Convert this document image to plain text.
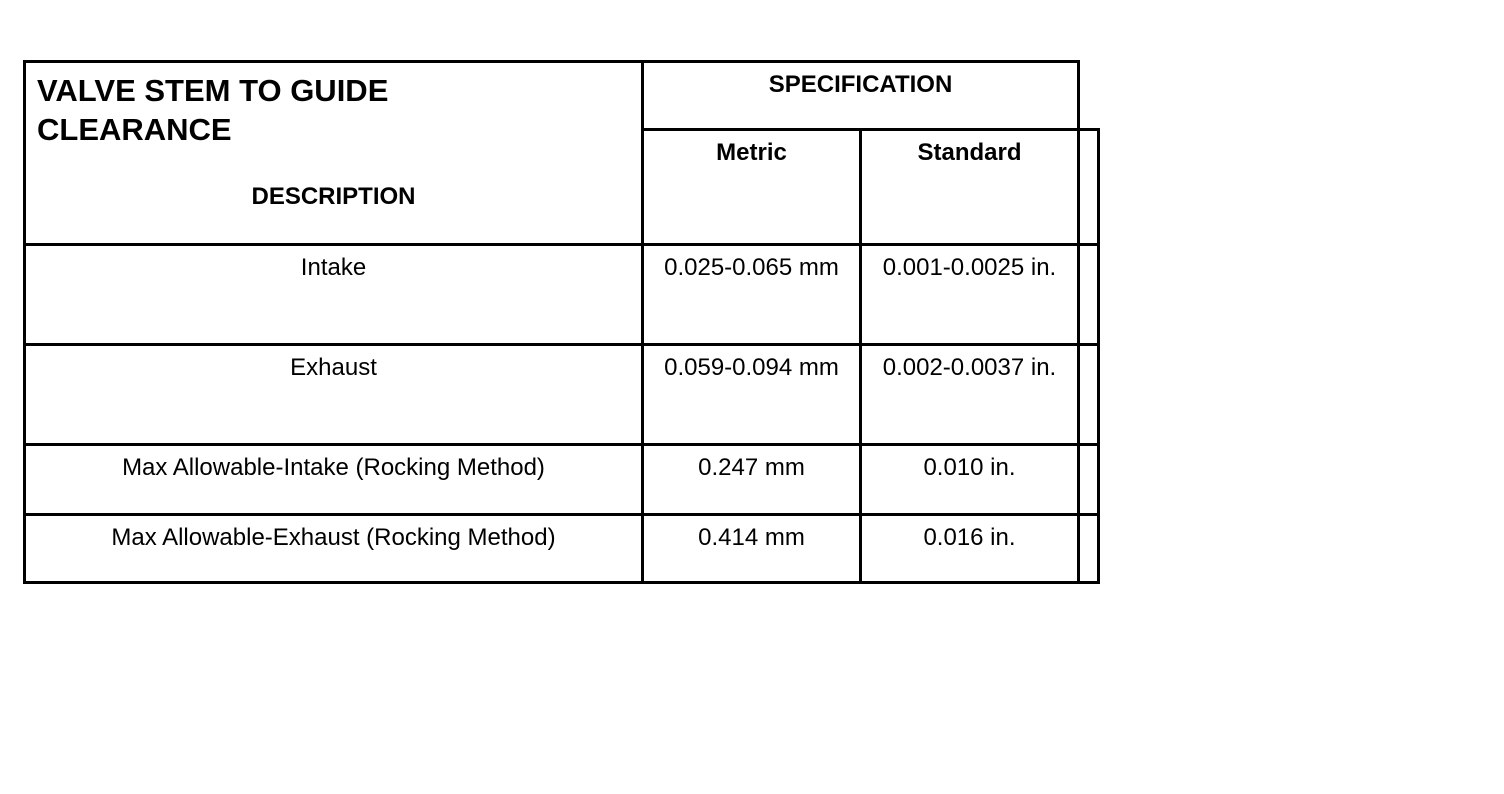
VALVE STEM TO GUIDE CLEARANCE
DESCRIPTION	SPECIFICATION		
	Metric	Standard	

Intake	0.025-0.065 mm	0.001-0.0025 in.	

Exhaust	0.059-0.094 mm	0.002-0.0037 in.	

Max Allowable-Intake (Rocking Method)	0.247 mm	0.010 in.	

Max Allowable-Exhaust (Rocking Method)	0.414 mm	0.016 in.	
